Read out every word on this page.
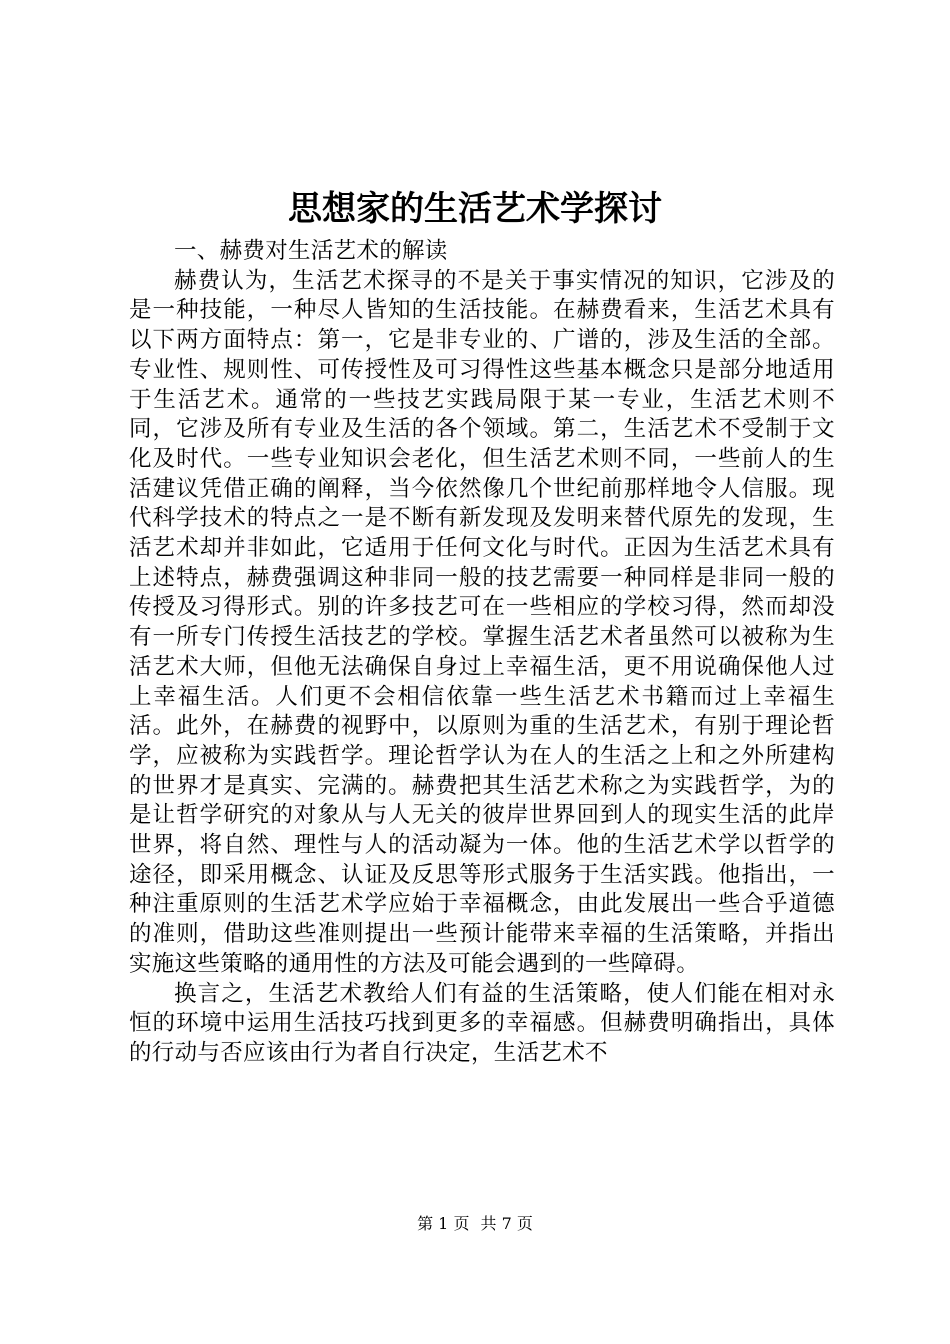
思想家的生活艺术学探讨

一、赫费对生活艺术的解读

赫费认为，生活艺术探寻的不是关于事实情况的知识，它涉及的是一种技能，一种尽人皆知的生活技能。在赫费看来，生活艺术具有以下两方面特点：第一，它是非专业的、广谱的，涉及生活的全部。专业性、规则性、可传授性及可习得性这些基本概念只是部分地适用于生活艺术。通常的一些技艺实践局限于某一专业，生活艺术则不同，它涉及所有专业及生活的各个领域。第二，生活艺术不受制于文化及时代。一些专业知识会老化，但生活艺术则不同，一些前人的生活建议凭借正确的阐释，当今依然像几个世纪前那样地令人信服。现代科学技术的特点之一是不断有新发现及发明来替代原先的发现，生活艺术却并非如此，它适用于任何文化与时代。正因为生活艺术具有上述特点，赫费强调这种非同一般的技艺需要一种同样是非同一般的传授及习得形式。别的许多技艺可在一些相应的学校习得，然而却没有一所专门传授生活技艺的学校。掌握生活艺术者虽然可以被称为生活艺术大师，但他无法确保自身过上幸福生活，更不用说确保他人过上幸福生活。人们更不会相信依靠一些生活艺术书籍而过上幸福生活。此外，在赫费的视野中，以原则为重的生活艺术，有别于理论哲学，应被称为实践哲学。理论哲学认为在人的生活之上和之外所建构的世界才是真实、完满的。赫费把其生活艺术称之为实践哲学，为的是让哲学研究的对象从与人无关的彼岸世界回到人的现实生活的此岸世界，将自然、理性与人的活动凝为一体。他的生活艺术学以哲学的途径，即采用概念、认证及反思等形式服务于生活实践。他指出，一种注重原则的生活艺术学应始于幸福概念，由此发展出一些合乎道德的准则，借助这些准则提出一些预计能带来幸福的生活策略，并指出实施这些策略的通用性的方法及可能会遇到的一些障碍。

换言之，生活艺术教给人们有益的生活策略，使人们能在相对永恒的环境中运用生活技巧找到更多的幸福感。但赫费明确指出，具体的行动与否应该由行为者自行决定，生活艺术不

第 1 页 共 7 页
